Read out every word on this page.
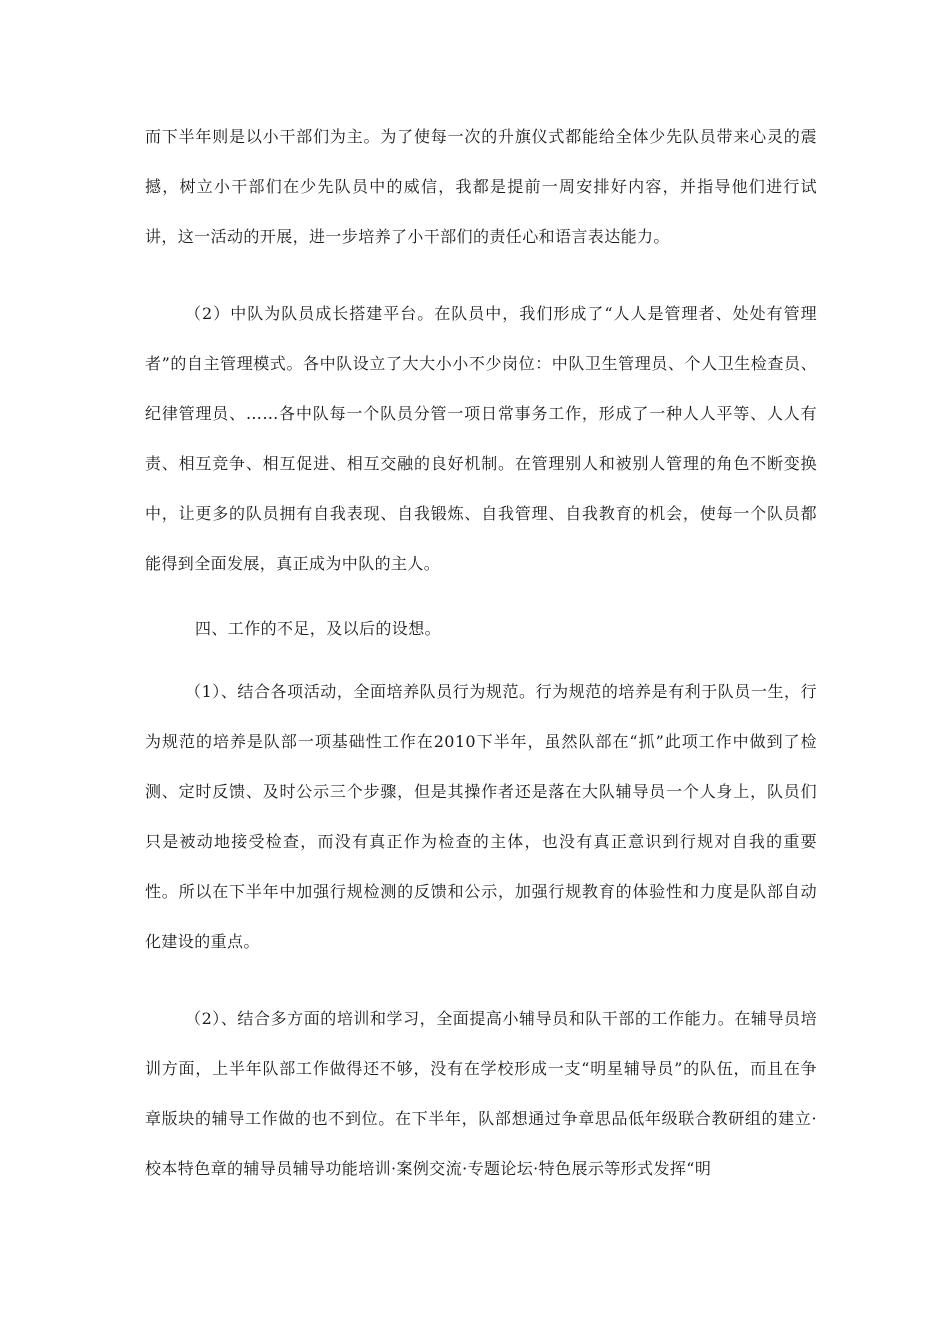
而下半年则是以小干部们为主。为了使每一次的升旗仪式都能给全体少先队员带来心灵的震撼，树立小干部们在少先队员中的威信，我都是提前一周安排好内容，并指导他们进行试讲，这一活动的开展，进一步培养了小干部们的责任心和语言表达能力。

（2）中队为队员成长搭建平台。在队员中，我们形成了“人人是管理者、处处有管理者”的自主管理模式。各中队设立了大大小小不少岗位：中队卫生管理员、个人卫生检查员、纪律管理员、……各中队每一个队员分管一项日常事务工作，形成了一种人人平等、人人有责、相互竞争、相互促进、相互交融的良好机制。在管理别人和被别人管理的角色不断变换中，让更多的队员拥有自我表现、自我锻炼、自我管理、自我教育的机会，使每一个队员都能得到全面发展，真正成为中队的主人。

四、工作的不足，及以后的设想。

（1）、结合各项活动，全面培养队员行为规范。行为规范的培养是有利于队员一生，行为规范的培养是队部一项基础性工作在2010下半年，虽然队部在“抓”此项工作中做到了检测、定时反馈、及时公示三个步骤，但是其操作者还是落在大队辅导员一个人身上，队员们只是被动地接受检查，而没有真正作为检查的主体，也没有真正意识到行规对自我的重要性。所以在下半年中加强行规检测的反馈和公示，加强行规教育的体验性和力度是队部自动化建设的重点。

（2）、结合多方面的培训和学习，全面提高小辅导员和队干部的工作能力。在辅导员培训方面，上半年队部工作做得还不够，没有在学校形成一支“明星辅导员”的队伍，而且在争章版块的辅导工作做的也不到位。在下半年，队部想通过争章思品低年级联合教研组的建立·校本特色章的辅导员辅导功能培训·案例交流·专题论坛·特色展示等形式发挥“明
